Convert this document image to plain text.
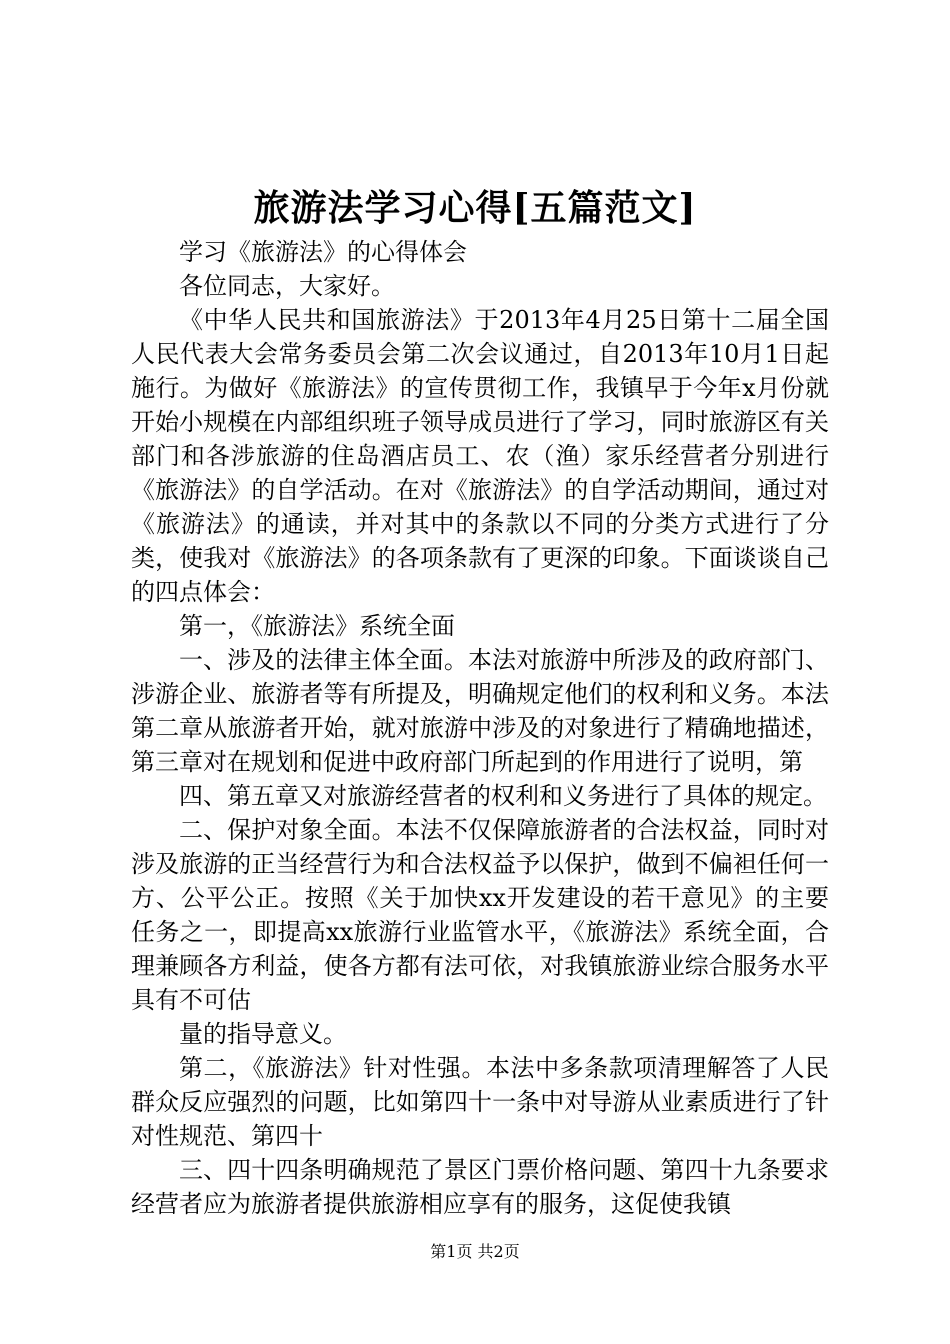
旅游法学习心得[五篇范文]

学习《旅游法》的心得体会

各位同志，大家好。

《中华人民共和国旅游法》于2013年4月25日第十二届全国人民代表大会常务委员会第二次会议通过，自2013年10月1日起施行。为做好《旅游法》的宣传贯彻工作，我镇早于今年x月份就开始小规模在内部组织班子领导成员进行了学习，同时旅游区有关部门和各涉旅游的住岛酒店员工、农（渔）家乐经营者分别进行《旅游法》的自学活动。在对《旅游法》的自学活动期间，通过对《旅游法》的通读，并对其中的条款以不同的分类方式进行了分类，使我对《旅游法》的各项条款有了更深的印象。下面谈谈自己的四点体会：

第一，《旅游法》系统全面

一、涉及的法律主体全面。本法对旅游中所涉及的政府部门、涉游企业、旅游者等有所提及，明确规定他们的权利和义务。本法第二章从旅游者开始，就对旅游中涉及的对象进行了精确地描述，第三章对在规划和促进中政府部门所起到的作用进行了说明，第

四、第五章又对旅游经营者的权利和义务进行了具体的规定。

二、保护对象全面。本法不仅保障旅游者的合法权益，同时对涉及旅游的正当经营行为和合法权益予以保护，做到不偏袒任何一方、公平公正。按照《关于加快xx开发建设的若干意见》的主要任务之一，即提高xx旅游行业监管水平，《旅游法》系统全面，合理兼顾各方利益，使各方都有法可依，对我镇旅游业综合服务水平具有不可估

量的指导意义。

第二，《旅游法》针对性强。本法中多条款项清理解答了人民群众反应强烈的问题，比如第四十一条中对导游从业素质进行了针对性规范、第四十

三、四十四条明确规范了景区门票价格问题、第四十九条要求经营者应为旅游者提供旅游相应享有的服务，这促使我镇

第1页 共2页
